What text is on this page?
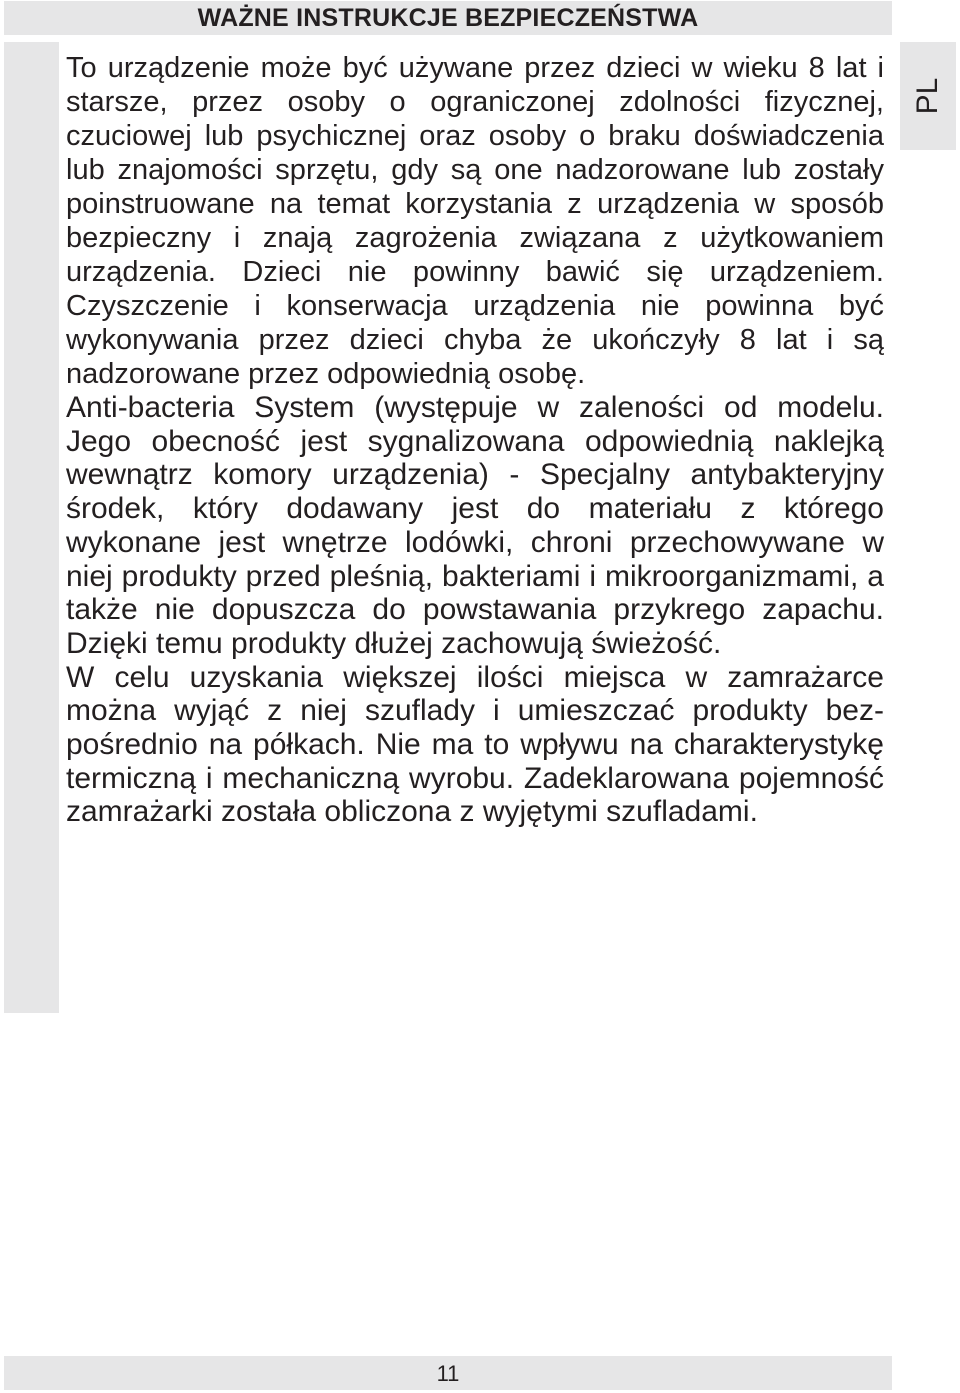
WAŻNE INSTRUKCJE BEZPIECZEŃSTWA
PL

To urządzenie może być używane przez dzieci w wieku 8 lat i starsze, przez osoby o ograniczonej zdolności fizycznej, czuciowej lub psychicznej oraz osoby o braku doświadczenia lub znajomości sprzętu, gdy są one nadzorowane lub zostały poinstruowane na temat korzystania z urządzenia w sposób bezpieczny i znają zagrożenia związana z użytkowaniem urządzenia. Dzieci nie powinny bawić się urządzeniem. Czyszczenie i konserwacja urządzenia nie powinna być wykonywania przez dzieci chyba że ukończyły 8 lat i są nadzorowane przez odpowiednią osobę.

Anti-bacteria System (występuje w zaleności od modelu. Jego obecność jest sygnalizowana odpowiednią naklejką wewnątrz komory urządzenia) - Specjalny antybakteryjny środek, który dodawany jest do materiału z którego wykonane jest wnętrze lodówki, chroni przechowywane w niej produkty przed pleśnią, bakteriami i mikroorganizmami, a także nie dopuszcza do powstawania przykrego zapachu. Dzięki temu produkty dłużej zachowują świeżość.

W celu uzyskania większej ilości miejsca w zamrażarce można wyjąć z niej szuflady i umieszczać produkty bezpośrednio na półkach. Nie ma to wpływu na charakterystykę termiczną i mechaniczną wyrobu. Zadeklarowana pojemność zamrażarki została obliczona z wyjętymi szufladami.

11
